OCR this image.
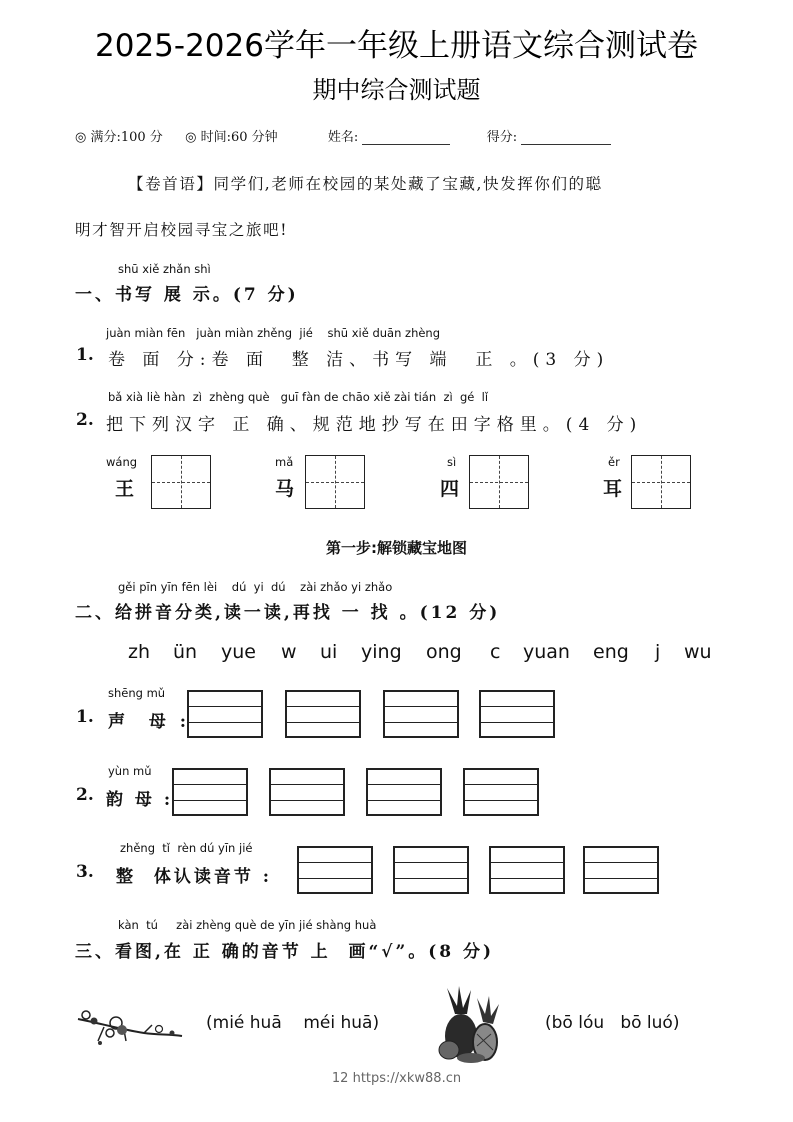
2025-2026学年一年级上册语文综合测试卷
期中综合测试题
◎ 满分:100 分 ◎ 时间:60 分钟	姓名:	得分:
【卷首语】同学们,老师在校园的某处藏了宝藏,快发挥你们的聪
明才智开启校园寻宝之旅吧!
shū xiě zhǎn shì
一、书写 展 示。(7 分)
juàn miàn fēn   juàn miàn zhěng  jié    shū xiě duān zhèng
1. 卷 面 分:卷 面  整 洁、书写 端  正 。(3 分)
bǎ xià liè hàn  zì  zhèng què   guī fàn de chāo xiě zài tián  zì  gé  lǐ
2. 把下列汉字 正 确、规范地抄写在田字格里。(4 分)
wáng
王
mǎ
马
sì
四
ěr
耳
第一步:解锁藏宝地图
gěi pīn yīn fēn lèi    dú  yi  dú    zài zhǎo yi zhǎo
二、给拼音分类,读一读,再找 一 找 。(12 分)
zh ün yue w ui ying ong c yuan eng j wu
shēng mǔ
1. 声  母 :
yùn mǔ
2. 韵 母 :
zhěng  tǐ  rèn dú yīn jié
3. 整  体认读音节 :
kàn  tú     zài zhèng què de yīn jié shàng huà
三、看图,在 正 确的音节 上  画“√”。(8 分)
(mié huā    méi huā)	(bō lóu   bō luó)
12 https://xkw88.cn
